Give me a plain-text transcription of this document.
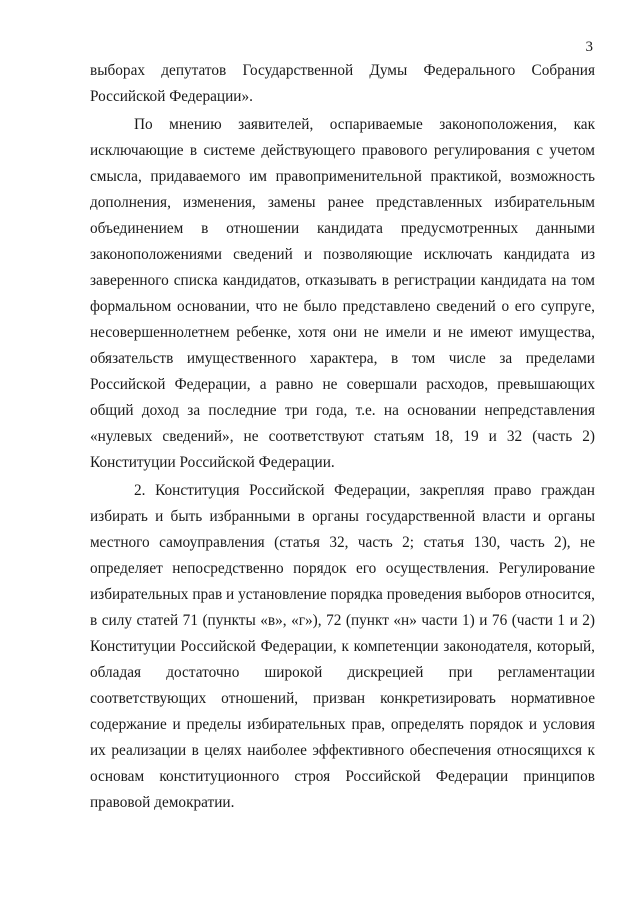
3

выборах депутатов Государственной Думы Федерального Собрания Российской Федерации».

По мнению заявителей, оспариваемые законоположения, как исключающие в системе действующего правового регулирования с учетом смысла, придаваемого им правоприменительной практикой, возможность дополнения, изменения, замены ранее представленных избирательным объединением в отношении кандидата предусмотренных данными законоположениями сведений и позволяющие исключать кандидата из заверенного списка кандидатов, отказывать в регистрации кандидата на том формальном основании, что не было представлено сведений о его супруге, несовершеннолетнем ребенке, хотя они не имели и не имеют имущества, обязательств имущественного характера, в том числе за пределами Российской Федерации, а равно не совершали расходов, превышающих общий доход за последние три года, т.е. на основании непредставления «нулевых сведений», не соответствуют статьям 18, 19 и 32 (часть 2) Конституции Российской Федерации.

2. Конституция Российской Федерации, закрепляя право граждан избирать и быть избранными в органы государственной власти и органы местного самоуправления (статья 32, часть 2; статья 130, часть 2), не определяет непосредственно порядок его осуществления. Регулирование избирательных прав и установление порядка проведения выборов относится, в силу статей 71 (пункты «в», «г»), 72 (пункт «н» части 1) и 76 (части 1 и 2) Конституции Российской Федерации, к компетенции законодателя, который, обладая достаточно широкой дискрецией при регламентации соответствующих отношений, призван конкретизировать нормативное содержание и пределы избирательных прав, определять порядок и условия их реализации в целях наиболее эффективного обеспечения относящихся к основам конституционного строя Российской Федерации принципов правовой демократии.
